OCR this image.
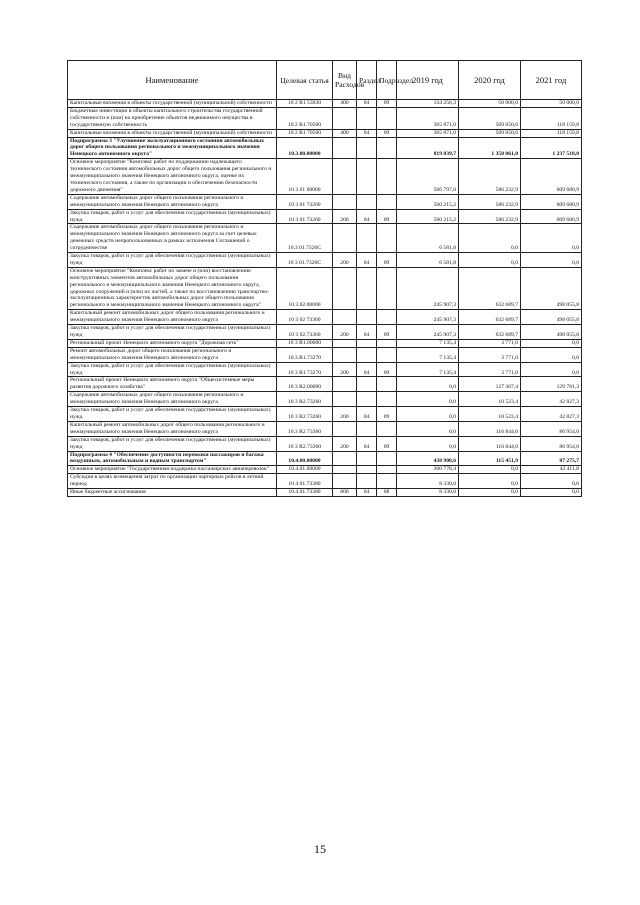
Наименование	Целевая статья	Вид Расходов	Раздел	Подраздел	2019 год	2020 год	2021 год
Капитальные вложения в объекты государственной (муниципальной) собственности	10 2 R1 53930	400	04	09	134 256,3	50 000,0	50 000,0
Бюджетные инвестиции в объекты капитального строительства государственной собственности и (или) на приобретение объектов недвижимого имущества в государственную собственность	10 2 R1.70500				365 871,0	509 050,6	118 159,8
Капитальные вложения в объекты государственной (муниципальной) собственности	10 2 R1 70500	400	04	09	365 871,0	509 050,6	118 159,8
Подпрограмма 3 "Улучшение эксплуатационного состояния автомобильных дорог общего пользования регионального и межмуниципального значения Ненецкого автономного округа"	10.3.00.00000				819 839,7	1 350 061,0	1 237 518,0
Основное мероприятие "Комплекс работ по поддержанию надлежащего технического состояния автомобильных дорог общего пользования регионального и межмуниципального значения Ненецкого автономного округа, оценке их технического состояния, а также по организации и обеспечению безопасности дорожного движения"	10 3 01 00000				566 797,0	586 232,9	609 680,9
Содержание автомобильных дорог общего пользования регионального и межмуниципального значения Ненецкого автономного округа	10 3 01 73260				560 215,2	586 232,9	609 680,9
Закупка товаров, работ и услуг для обеспечения государственных (муниципальных) нужд	10 3 01 73260	200	04	09	560 215,2	586 232,9	609 680,9
Содержание автомобильных дорог общего пользования регионального и межмуниципального значения Ненецкого автономного округа за счет целевых денежных средств непропользованных в рамках исполнения Соглашений о сотрудничестве	10.3 01.7326С				6 581,8	0,0	0,0
Закупка товаров, работ и услуг для обеспечения государственных (муниципальных) нужд	10 3 01.7326С	200	04	09	6 581,8	0,0	0,0
Основное мероприятие "Комплекс работ по замене и (или) восстановлению конструктивных элементов автомобильных дорог общего пользования регионального и межмуниципального значения Ненецкого автономного округа, дорожных сооружений и (или) их частей, а также по восстановлению транспортно-эксплуатационных характеристик автомобильных дорог общего пользования регионального и межмуниципального значения Ненецкого автономного округа"	10.3.02.00000				245 907,3	632 689,7	498 055,8
Капитальный ремонт автомобильных дорог общего пользования регионального и межмуниципального значения Ненецкого автономного округа	10 3 02 73360				245 907,3	632 689,7	498 055,8
Закупка товаров, работ и услуг для обеспечения государственных (муниципальных) нужд	10 3 02.73360	200	04	09	245 907,3	632 689,7	498 055,8
Региональный проект Ненецкого автономного округа "Дорожная сеть"	10 3 R1.00000				7 135,4	3 771,0	0,0
Ремонт автомобильных дорог общего пользования регионального и межмуниципального значения Ненецкого автономного округа	10.3.R1.73270				7 135,4	3 771,0	0,0
Закупка товаров, работ и услуг для обеспечения государственных (муниципальных) нужд	10 3 R1 73270	200	04	09	7 135,4	3 771,0	0,0
Региональный проект Ненецкого автономного округа "Общесистемные меры развития дорожного хозяйства"	10 3 R2.00000				0,0	127 367,4	129 781,3
Содержание автомобильных дорог общего пользования регионального и межмуниципального значения Ненецкого автономного округа	10 3 R2.73260				0,0	10 523,4	42 827,3
Закупка товаров, работ и услуг для обеспечения государственных (муниципальных) нужд	10 3 R2.73260	200	04	09	0,0	10 523,4	42 827,3
Капитальный ремонт автомобильных дорог общего пользования регионального и межмуниципального значения Ненецкого автономного округа	10.3 R2 73360				0,0	116 844,0	86 954,0
Закупка товаров, работ и услуг для обеспечения государственных (муниципальных) нужд	10 3 R2.73360	200	04	09	0,0	116 844,0	86 954,0
Подпрограмма 4 "Обеспечение доступности перевозки пассажиров и багажа воздушным, автомобильным и водным транспортом"	10.4.00.00000				438 908,6	115 451,9	87 275,7
Основное мероприятие "Государственная поддержка пассажирских авиаперевозок"	10.4.01.00000				300 778,4	0,0	42 411,8
Субсидия в целях возмещения затрат по организации чартерных рейсов в летний период	10 4 01.73380				8 330,0	0,0	0,0
Иные бюджетные ассигнования	10.4.01.73380	800	04	08	8 330,0	0,0	0,0
15
